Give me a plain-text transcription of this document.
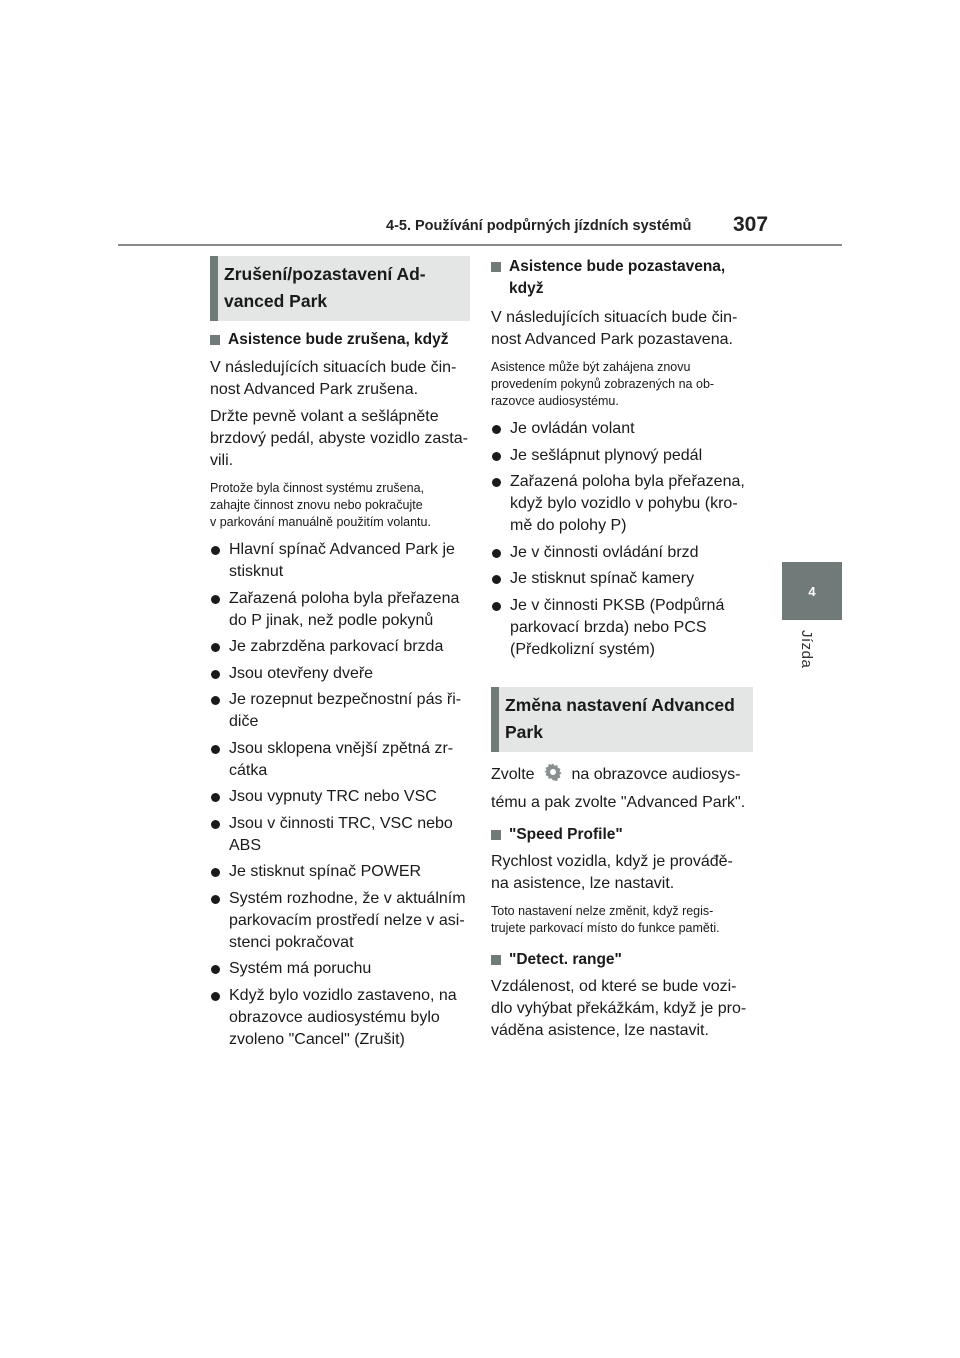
4-5. Používání podpůrných jízdních systémů 307
4
Jízda
Zrušení/pozastavení Ad-
vanced Park
Asistence bude zrušena, když

V následujících situacích bude čin-

nost Advanced Park zrušena.

Držte pevně volant a sešlápněte

brzdový pedál, abyste vozidlo zasta-

vili.

Protože byla činnost systému zrušena,

zahajte činnost znovu nebo pokračujte

v parkování manuálně použitím volantu.

Hlavní spínač Advanced Park je
stisknut
Zařazená poloha byla přeřazena
do P jinak, než podle pokynů
Je zabrzděna parkovací brzda
Jsou otevřeny dveře
Je rozepnut bezpečnostní pás ři-
diče
Jsou sklopena vnější zpětná zr-
cátka
Jsou vypnuty TRC nebo VSC
Jsou v činnosti TRC, VSC nebo
ABS
Je stisknut spínač POWER
Systém rozhodne, že v aktuálním
parkovacím prostředí nelze v asi-
stenci pokračovat
Systém má poruchu
Když bylo vozidlo zastaveno, na
obrazovce audiosystému bylo
zvoleno "Cancel" (Zrušit)
Asistence bude pozastavena,
když

V následujících situacích bude čin-

nost Advanced Park pozastavena.

Asistence může být zahájena znovu

provedením pokynů zobrazených na ob-

razovce audiosystému.

Je ovládán volant
Je sešlápnut plynový pedál
Zařazená poloha byla přeřazena,
když bylo vozidlo v pohybu (kro-
mě do polohy P)
Je v činnosti ovládání brzd
Je stisknut spínač kamery
Je v činnosti PKSB (Podpůrná
parkovací brzda) nebo PCS
(Předkolizní systém)
Změna nastavení Advanced
Park

Zvolte na obrazovce audiosys-

tému a pak zvolte "Advanced Park".

"Speed Profile"

Rychlost vozidla, když je prováđě-

na asistence, lze nastavit.

Toto nastavení nelze změnit, když regis-

trujete parkovací místo do funkce paměti.

"Detect. range"

Vzdálenost, od které se bude vozi-

dlo vyhýbat překážkám, když je pro-

váděna asistence, lze nastavit.
